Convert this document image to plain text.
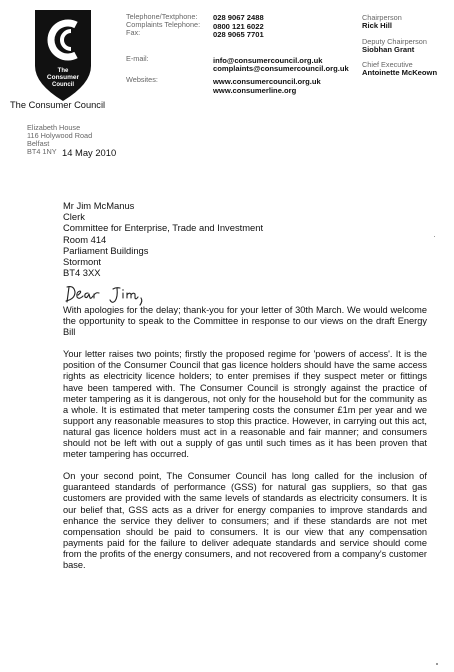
The
Consumer
Council
The Consumer Council
Elizabeth House
116 Holywood Road
Belfast
BT4 1NY 14 May 2010
Telephone/Textphone:
Complaints Telephone:
Fax:
E-mail:
Websites:
028 9067 2488
0800 121 6022
028 9065 7701
info@consumercouncil.org.uk
complaints@consumercouncil.org.uk
www.consumercouncil.org.uk
www.consumerline.org
Chairperson
Rick Hill
Deputy Chairperson
Siobhan Grant
Chief Executive
Antoinette McKeown
Mr Jim McManus
Clerk
Committee for Enterprise, Trade and Investment
Room 414
Parliament Buildings
Stormont
BT4 3XX

With apologies for the delay; thank-you for your letter of 30th March. We would welcome the opportunity to speak to the Committee in response to our views on the draft Energy Bill

Your letter raises two points; firstly the proposed regime for 'powers of access'. It is the position of the Consumer Council that gas licence holders should have the same access rights as electricity licence holders; to enter premises if they suspect meter or fittings have been tampered with. The Consumer Council is strongly against the practice of meter tampering as it is dangerous, not only for the household but for the community as a whole. It is estimated that meter tampering costs the consumer £1m per year and we support any reasonable measures to stop this practice. However, in carrying out this act, natural gas licence holders must act in a reasonable and fair manner; and consumers should not be left with out a supply of gas until such times as it has been proven that meter tampering has occurred.

On your second point, The Consumer Council has long called for the inclusion of guaranteed standards of performance (GSS) for natural gas suppliers, so that gas customers are provided with the same levels of standards as electricity consumers. It is our belief that, GSS acts as a driver for energy companies to improve standards and enhance the service they deliver to consumers; and if these standards are not met compensation should be paid to consumers. It is our view that any compensation payments paid for the failure to deliver adequate standards and service should come from the profits of the energy consumers, and not recovered from a company's customer base.
